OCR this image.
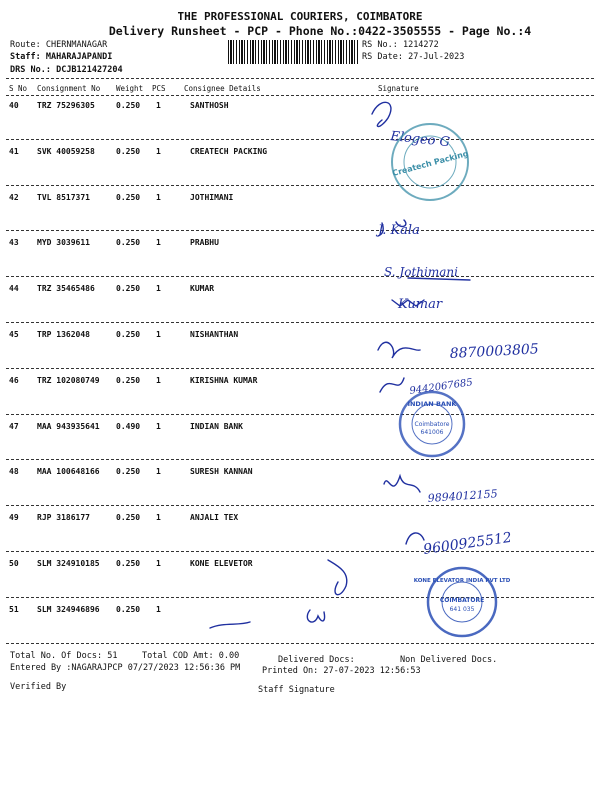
THE PROFESSIONAL COURIERS, COIMBATORE
Delivery Runsheet - PCP - Phone No.:0422-3505555 - Page No.:4
Route: CHERNMANAGAR
Staff: MAHARAJAPANDI
DRS No.: DCJB121427204
RS No.: 1214272
RS Date: 27-Jul-2023
S No Consignment No Weight PCS Consignee Details	Signature
40 TRZ 75296305	0.250 1	SANTHOSH
41 SVK 40059258	0.250 1	CREATECH PACKING
42 TVL 8517371	0.250 1	JOTHIMANI
43 MYD 3039611	0.250 1	PRABHU
44 TRZ 35465486	0.250 1	KUMAR
45 TRP 1362048	0.250 1	NISHANTHAN
46 TRZ 102080749 0.250 1	KIRISHNA KUMAR
47 MAA 943935641 0.490 1	INDIAN BANK
48 MAA 100648166 0.250 1	SURESH KANNAN
49 RJP 3186177	0.250 1	ANJALI TEX
50 SLM 324910185 0.250 1	KONE ELEVETOR
51 SLM 324946896 0.250 1
Elogeo G
J. Kala
S. Jothimani
Kumar
8870003805
9442067685
9894012155
9600925512
Createch Packing
INDIAN BANK
Coimbatore
641006
KONE ELEVATOR INDIA PVT LTD
COIMBATORE
641 035
Total No. Of Docs: 51	Total COD Amt: 0.00	Delivered Docs:	Non Delivered Docs.
Entered By :NAGARAJPCP 07/27/2023 12:56:36 PM	Printed On: 27-07-2023 12:56:53
Verified By	Staff Signature
